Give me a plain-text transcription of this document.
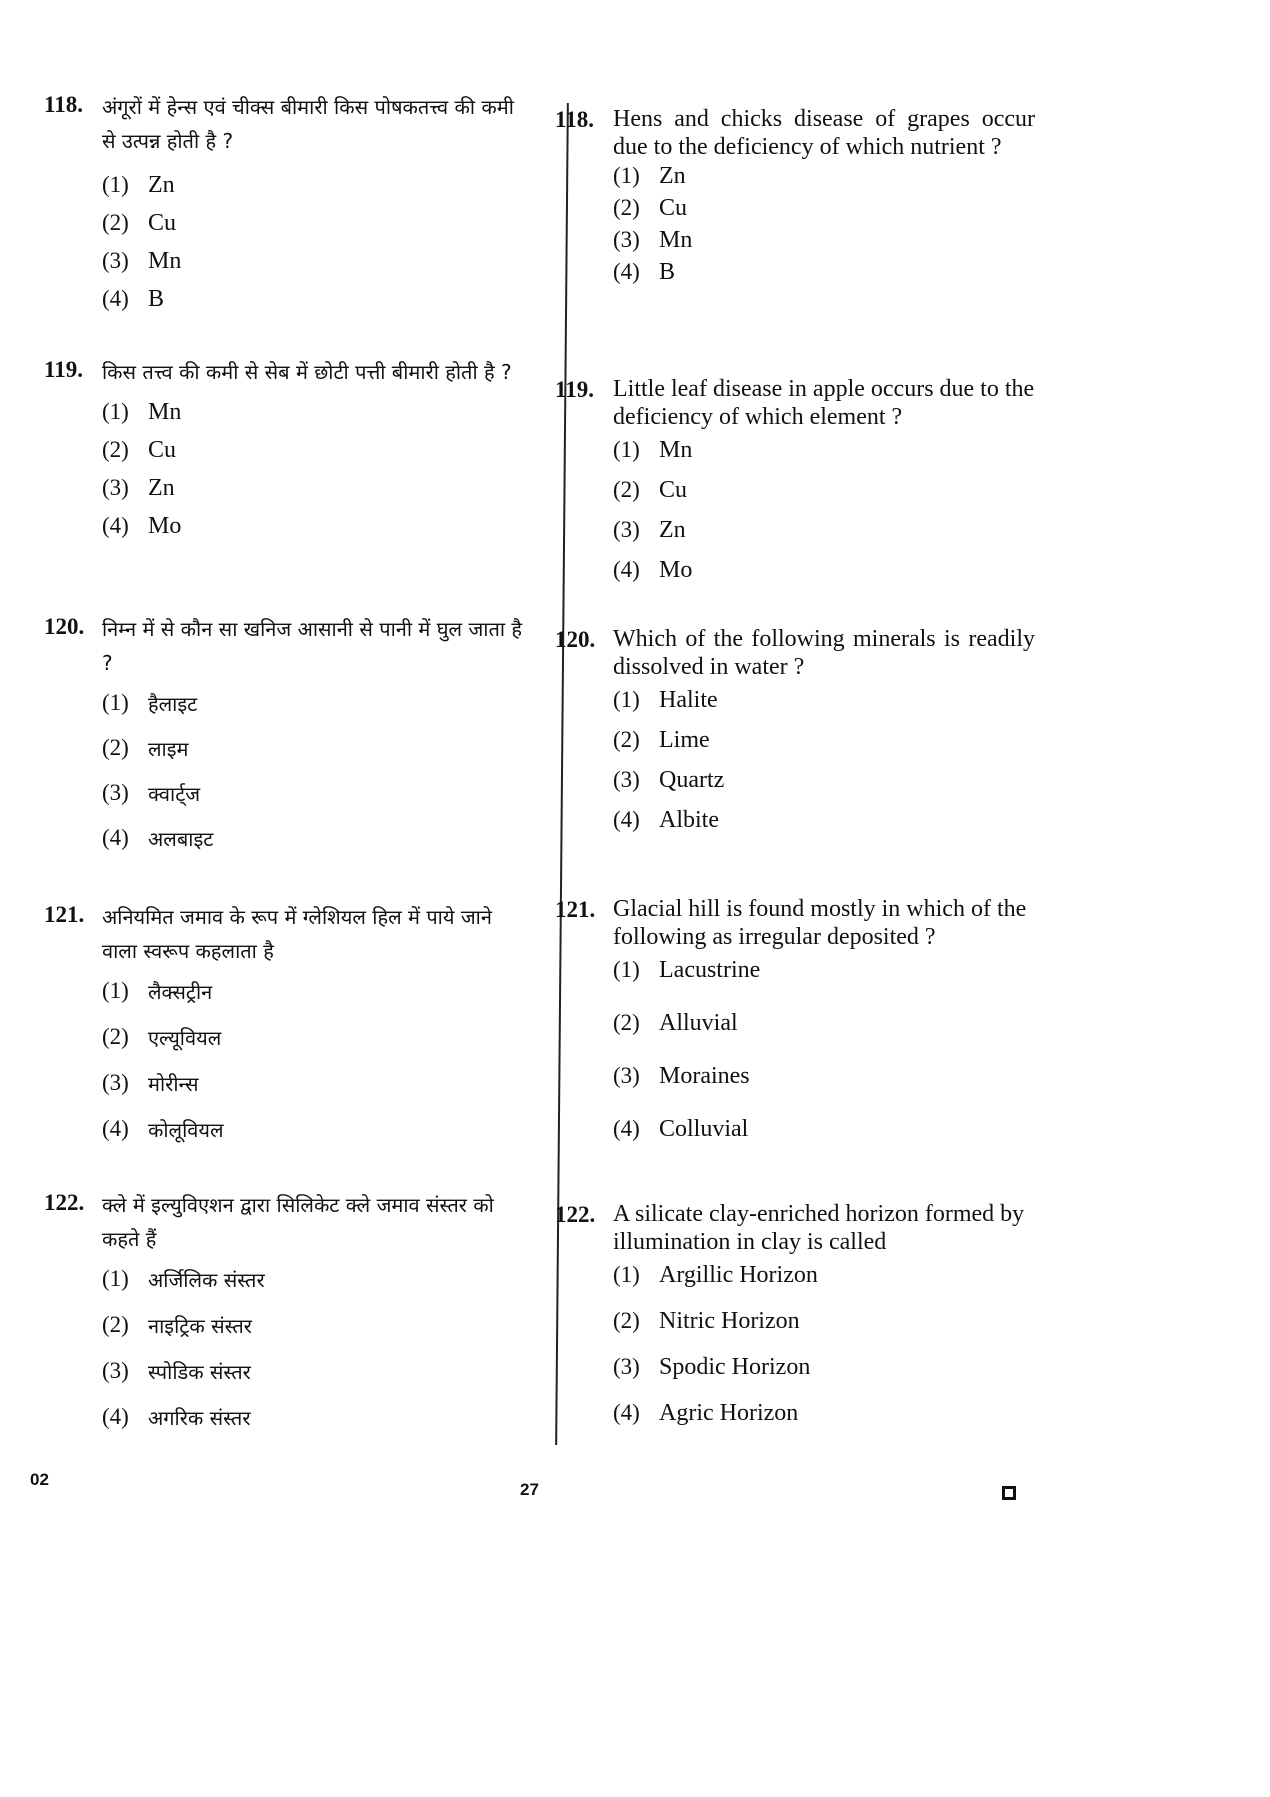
118. अंगूरों में हेन्स एवं चीक्स बीमारी किस पोषकतत्त्व की कमी से उत्पन्न होती है ?
(1) Zn
(2) Cu
(3) Mn
(4) B
119. किस तत्त्व की कमी से सेब में छोटी पत्ती बीमारी होती है ?
(1) Mn
(2) Cu
(3) Zn
(4) Mo
120. निम्न में से कौन सा खनिज आसानी से पानी में घुल जाता है ?
(1) हैलाइट
(2) लाइम
(3) क्वार्ट्ज
(4) अलबाइट
121. अनियमित जमाव के रूप में ग्लेशियल हिल में पाये जाने वाला स्वरूप कहलाता है
(1) लैक्सट्रीन
(2) एल्यूवियल
(3) मोरीन्स
(4) कोलूवियल
122. क्ले में इल्युविएशन द्वारा सिलिकेट क्ले जमाव संस्तर को कहते हैं
(1) अर्जिलिक संस्तर
(2) नाइट्रिक संस्तर
(3) स्पोडिक संस्तर
(4) अगरिक संस्तर
118. Hens and chicks disease of grapes occur due to the deficiency of which nutrient ?
(1) Zn
(2) Cu
(3) Mn
(4) B
119. Little leaf disease in apple occurs due to the deficiency of which element ?
(1) Mn
(2) Cu
(3) Zn
(4) Mo
120. Which of the following minerals is readily dissolved in water ?
(1) Halite
(2) Lime
(3) Quartz
(4) Albite
121. Glacial hill is found mostly in which of the following as irregular deposited ?
(1) Lacustrine
(2) Alluvial
(3) Moraines
(4) Colluvial
122. A silicate clay-enriched horizon formed by illumination in clay is called
(1) Argillic Horizon
(2) Nitric Horizon
(3) Spodic Horizon
(4) Agric Horizon
02
27
